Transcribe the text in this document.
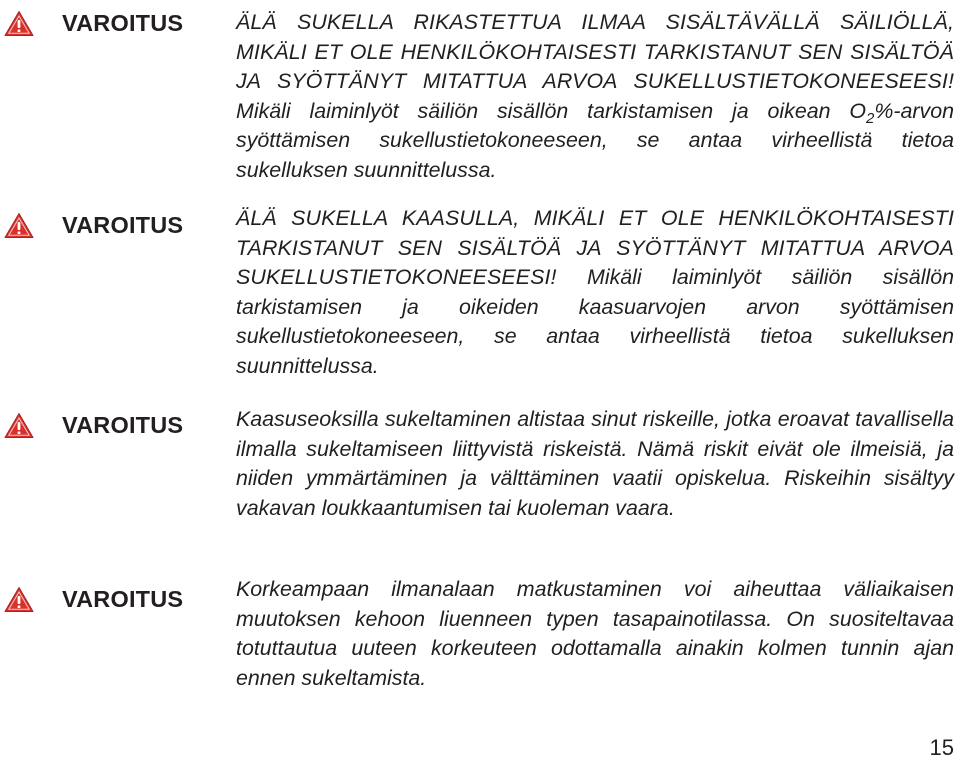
VAROITUS ÄLÄ SUKELLA RIKASTETTUA ILMAA SISÄLTÄVÄLLÄ SÄILIÖLLÄ, MIKÄLI ET OLE HENKILÖKOHTAISESTI TARKISTANUT SEN SISÄLTÖÄ JA SYÖTTÄNYT MITATTUA ARVOA SUKELLUSTIETOKONEESEESI! Mikäli laiminlyöt säiliön sisällön tarkistamisen ja oikean $O_2\%$-arvon syöttämisen sukellustietokoneeseen, se antaa virheellistä tietoa sukelluksen suunnittelussa.

VAROITUS ÄLÄ SUKELLA KAASULLA, MIKÄLI ET OLE HENKILÖKOHTAISESTI TARKISTANUT SEN SISÄLTÖÄ JA SYÖTTÄNYT MITATTUA ARVOA SUKELLUSTIETOKONEESEESI! Mikäli laiminlyöt säiliön sisällön tarkistamisen ja oikeiden kaasuarvojen arvon syöttämisen sukellustietokoneeseen, se antaa virheellistä tietoa sukelluksen suunnittelussa.

VAROITUS Kaasuseoksilla sukeltaminen altistaa sinut riskeille, jotka eroavat tavallisella ilmalla sukeltamiseen liittyvistä riskeistä. Nämä riskit eivät ole ilmeisiä, ja niiden ymmärtäminen ja välttäminen vaatii opiskelua. Riskeihin sisältyy vakavan loukkaantumisen tai kuoleman vaara.

VAROITUS Korkeampaan ilmanalaan matkustaminen voi aiheuttaa väliaikaisen muutoksen kehoon liuenneen typen tasapainotilassa. On suositeltavaa totuttautua uuteen korkeuteen odottamalla ainakin kolmen tunnin ajan ennen sukeltamista.

15
